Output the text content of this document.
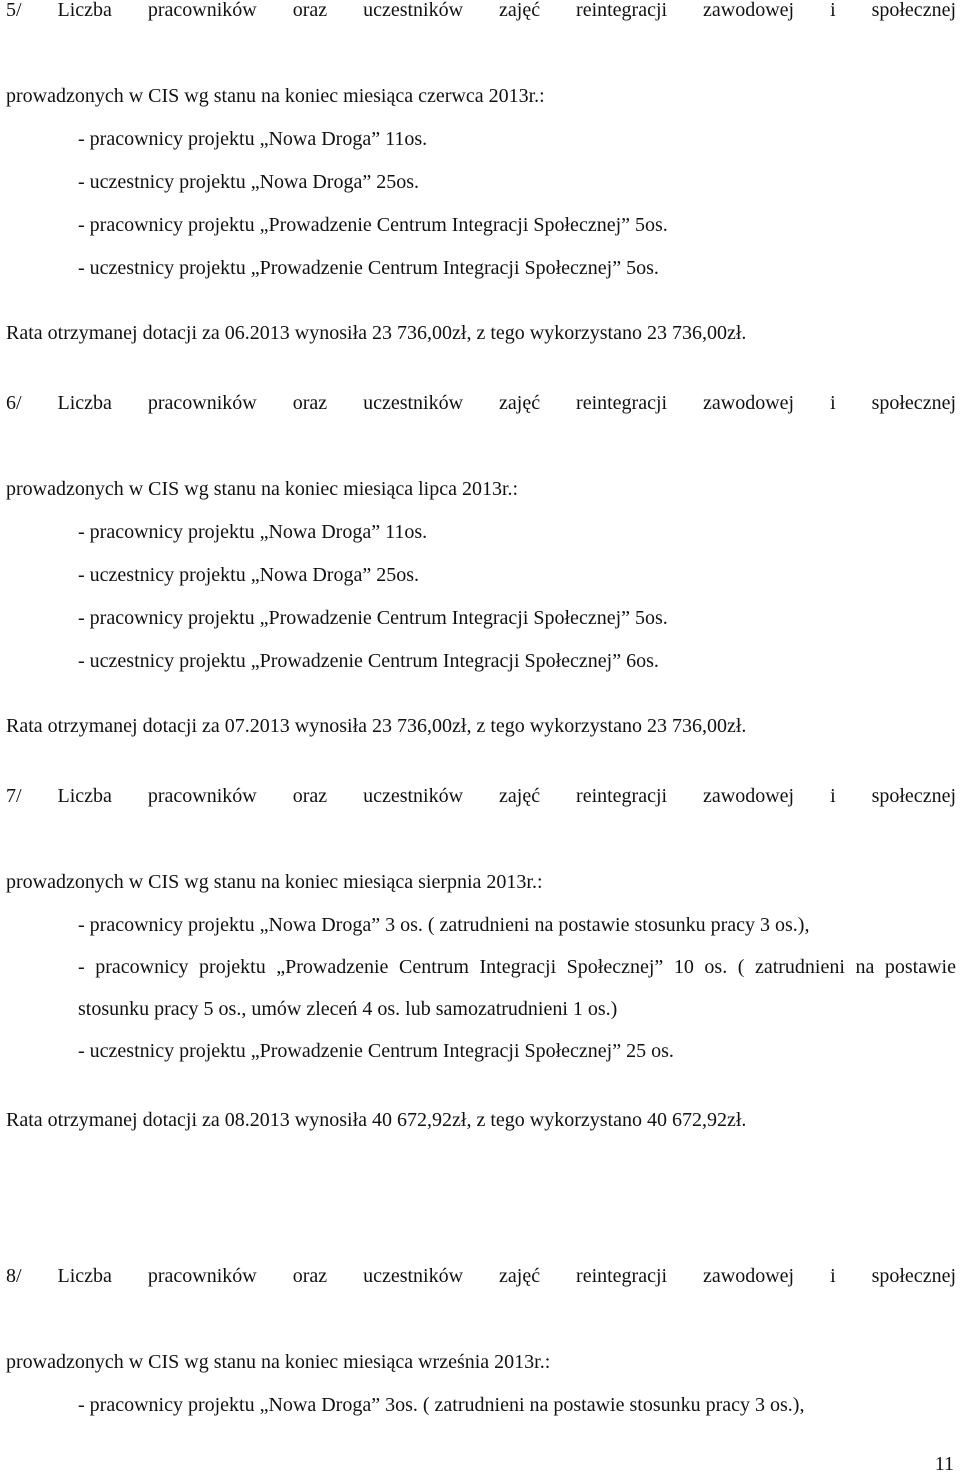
5/ Liczba pracowników oraz uczestników zajęć reintegracji zawodowej i społecznej

prowadzonych w CIS wg stanu na koniec miesiąca czerwca 2013r.:

- pracownicy projektu „Nowa Droga” 11os.

- uczestnicy projektu „Nowa Droga” 25os.

- pracownicy projektu „Prowadzenie Centrum Integracji Społecznej” 5os.

- uczestnicy projektu „Prowadzenie Centrum Integracji Społecznej” 5os.

Rata otrzymanej dotacji za 06.2013 wynosiła 23 736,00zł, z tego wykorzystano 23 736,00zł.

6/ Liczba pracowników oraz uczestników zajęć reintegracji zawodowej i społecznej

prowadzonych w CIS wg stanu na koniec miesiąca lipca 2013r.:

- pracownicy projektu „Nowa Droga” 11os.

- uczestnicy projektu „Nowa Droga” 25os.

- pracownicy projektu „Prowadzenie Centrum Integracji Społecznej” 5os.

- uczestnicy projektu „Prowadzenie Centrum Integracji Społecznej” 6os.

Rata otrzymanej dotacji za 07.2013 wynosiła 23 736,00zł, z tego wykorzystano 23 736,00zł.

7/ Liczba pracowników oraz uczestników zajęć reintegracji zawodowej i społecznej

prowadzonych w CIS wg stanu na koniec miesiąca sierpnia 2013r.:

- pracownicy projektu „Nowa Droga” 3 os. ( zatrudnieni na postawie stosunku pracy 3 os.),

- pracownicy projektu „Prowadzenie Centrum Integracji Społecznej” 10 os. ( zatrudnieni na postawie stosunku pracy 5 os., umów zleceń 4 os. lub samozatrudnieni 1 os.)

- uczestnicy projektu „Prowadzenie Centrum Integracji Społecznej” 25 os.

Rata otrzymanej dotacji za 08.2013 wynosiła 40 672,92zł, z tego wykorzystano 40 672,92zł.

8/ Liczba pracowników oraz uczestników zajęć reintegracji zawodowej i społecznej

prowadzonych w CIS wg stanu na koniec miesiąca września 2013r.:

- pracownicy projektu „Nowa Droga” 3os. ( zatrudnieni na postawie stosunku pracy 3 os.),

11
